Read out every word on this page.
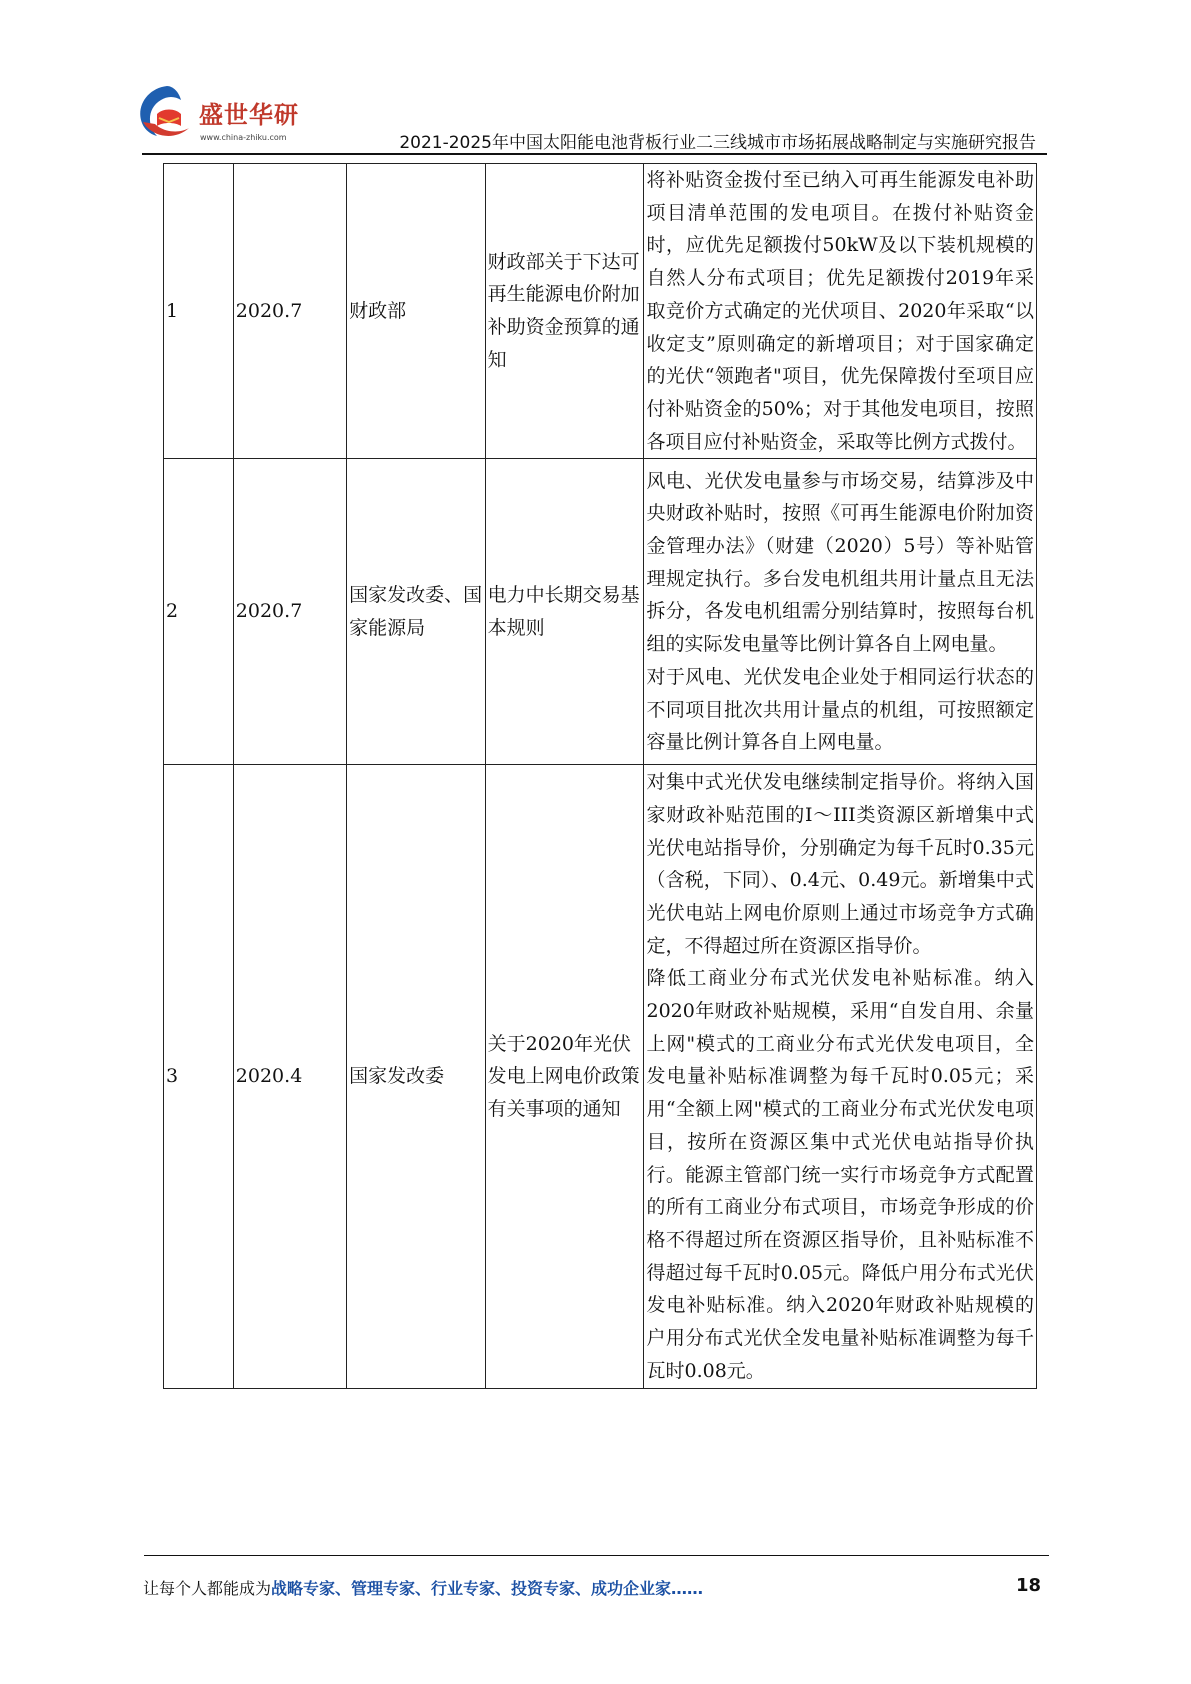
盛世华研
www.china-zhiku.com	2021-2025年中国太阳能电池背板行业二三线城市市场拓展战略制定与实施研究报告
1	2020.7	财政部	财政部关于下达可再生能源电价附加补助资金预算的通知	将补贴资金拨付至已纳入可再生能源发电补助项目清单范围的发电项目。在拨付补贴资金时，应优先足额拨付50kW及以下装机规模的自然人分布式项目；优先足额拨付2019年采取竞价方式确定的光伏项目、2020年采取“以收定支”原则确定的新增项目；对于国家确定的光伏“领跑者"项目，优先保障拨付至项目应付补贴资金的50%；对于其他发电项目，按照各项目应付补贴资金，采取等比例方式拨付。

2	2020.7	国家发改委、国家能源局	电力中长期交易基本规则	风电、光伏发电量参与市场交易，结算涉及中央财政补贴时，按照《可再生能源电价附加资金管理办法》（财建（2020）5号）等补贴管理规定执行。多台发电机组共用计量点且无法拆分，各发电机组需分别结算时，按照每台机组的实际发电量等比例计算各自上网电量。

对于风电、光伏发电企业处于相同运行状态的不同项目批次共用计量点的机组，可按照额定容量比例计算各自上网电量。

3	2020.4	国家发改委	关于2020年光伏发电上网电价政策有关事项的通知	对集中式光伏发电继续制定指导价。将纳入国家财政补贴范围的I～III类资源区新增集中式光伏电站指导价，分别确定为每千瓦时0.35元（含税，下同）、0.4元、0.49元。新增集中式光伏电站上网电价原则上通过市场竞争方式确定，不得超过所在资源区指导价。

降低工商业分布式光伏发电补贴标准。纳入2020年财政补贴规模，采用“自发自用、余量上网"模式的工商业分布式光伏发电项目，全发电量补贴标准调整为每千瓦时0.05元；采用“全额上网"模式的工商业分布式光伏发电项目，按所在资源区集中式光伏电站指导价执行。能源主管部门统一实行市场竞争方式配置的所有工商业分布式项目，市场竞争形成的价格不得超过所在资源区指导价，且补贴标准不得超过每千瓦时0.05元。降低户用分布式光伏发电补贴标准。纳入2020年财政补贴规模的户用分布式光伏全发电量补贴标准调整为每千瓦时0.08元。

让每个人都能成为战略专家、管理专家、行业专家、投资专家、成功企业家……	18
